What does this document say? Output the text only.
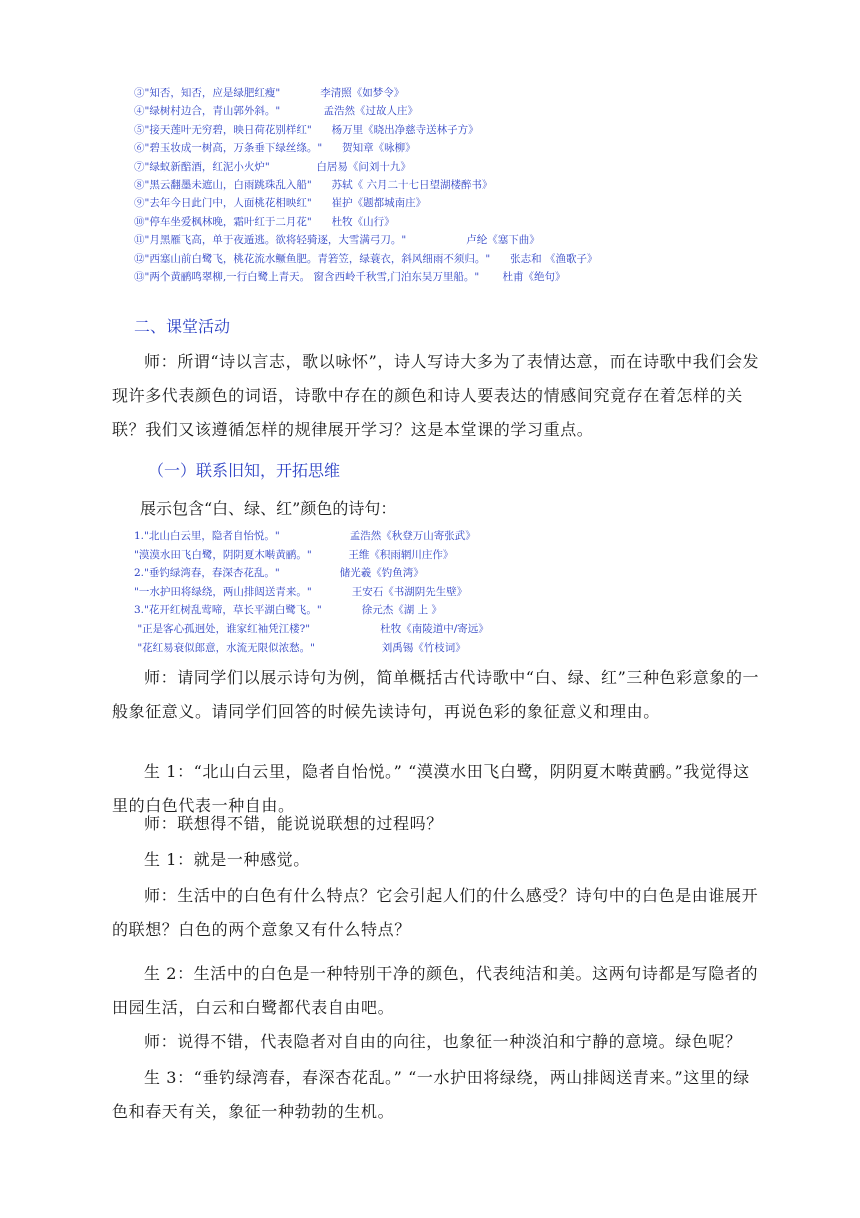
③"知否，知否，应是绿肥红瘦"            李清照《如梦令》
④"绿树村边合，青山郭外斜。"             孟浩然《过故人庄》
⑤"接天莲叶无穷碧，映日荷花别样红"      杨万里《晓出净慈寺送林子方》
⑥"碧玉妆成一树高，万条垂下绿丝绦。"      贺知章《咏柳》
⑦"绿蚁新醅酒，红泥小火炉"              白居易《问刘十九》
⑧"黑云翻墨未遮山，白雨跳珠乱入船"      苏轼《 六月二十七日望湖楼醉书》
⑨"去年今日此门中，人面桃花相映红"      崔护《题都城南庄》
⑩"停车坐爱枫林晚，霜叶红于二月花"      杜牧《山行》
⑪"月黑雁飞高，单于夜遁逃。欲将轻骑逐，大雪满弓刀。"                  卢纶《塞下曲》
⑫"西塞山前白鹭飞，桃花流水鳜鱼肥。青箬笠，绿蓑衣，斜风细雨不须归。"      张志和 《渔歌子》
⑬"两个黄鹂鸣翠柳,一行白鹭上青天。 窗含西岭千秋雪,门泊东吴万里船。"       杜甫《绝句》
二、课堂活动
师：所谓“诗以言志，歌以咏怀”，诗人写诗大多为了表情达意，而在诗歌中我们会发现许多代表颜色的词语，诗歌中存在的颜色和诗人要表达的情感间究竟存在着怎样的关联？我们又该遵循怎样的规律展开学习？这是本堂课的学习重点。
（一）联系旧知，开拓思维
展示包含“白、绿、红”颜色的诗句：
1."北山白云里，隐者自怡悦。"                     孟浩然《秋登万山寄张武》
"漠漠水田飞白鹭，阴阴夏木啭黄鹂。"           王维《积雨辋川庄作》
2."垂钓绿湾春，春深杏花乱。"                  储光羲《钓鱼湾》
"一水护田将绿绕，两山排闼送青来。"            王安石《书湖阴先生壁》
3."花开红树乱莺啼，草长平湖白鹭飞。"            徐元杰《湖 上 》
"正是客心孤迥处，谁家红袖凭江楼?"                     杜牧《南陵道中/寄远》
"花红易衰似郎意，水流无限似浓愁。"                    刘禹锡《竹枝词》
师：请同学们以展示诗句为例，简单概括古代诗歌中“白、绿、红”三种色彩意象的一般象征意义。请同学们回答的时候先读诗句，再说色彩的象征意义和理由。
生 1：“北山白云里，隐者自怡悦。” “漠漠水田飞白鹭，阴阴夏木啭黄鹂。”我觉得这里的白色代表一种自由。
师：联想得不错，能说说联想的过程吗？
生 1：就是一种感觉。
师：生活中的白色有什么特点？它会引起人们的什么感受？诗句中的白色是由谁展开的联想？白色的两个意象又有什么特点？
生 2：生活中的白色是一种特别干净的颜色，代表纯洁和美。这两句诗都是写隐者的田园生活，白云和白鹭都代表自由吧。
师：说得不错，代表隐者对自由的向往，也象征一种淡泊和宁静的意境。绿色呢？
生 3：“垂钓绿湾春，春深杏花乱。” “一水护田将绿绕，两山排闼送青来。”这里的绿色和春天有关，象征一种勃勃的生机。
